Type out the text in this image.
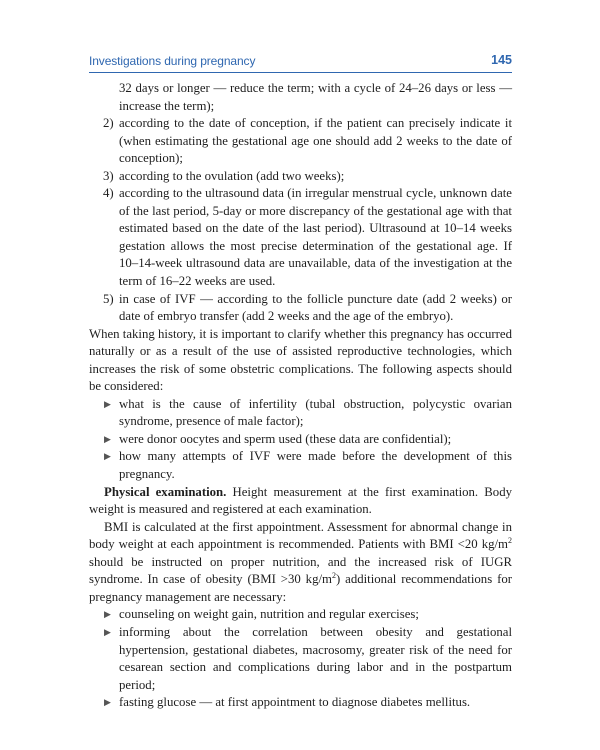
Investigations during pregnancy	145

32 days or longer — reduce the term; with a cycle of 24–26 days or less — increase the term);

2) according to the date of conception, if the patient can precisely indicate it (when estimating the gestational age one should add 2 weeks to the date of conception);

3) according to the ovulation (add two weeks);

4) according to the ultrasound data (in irregular menstrual cycle, unknown date of the last period, 5-day or more discrepancy of the gestational age with that estimated based on the date of the last period). Ultrasound at 10–14 weeks gestation allows the most precise determination of the gestational age. If 10–14-week ultrasound data are unavailable, data of the investigation at the term of 16–22 weeks are used.

5) in case of IVF — according to the follicle puncture date (add 2 weeks) or date of embryo transfer (add 2 weeks and the age of the embryo).

When taking history, it is important to clarify whether this pregnancy has occurred naturally or as a result of the use of assisted reproductive technologies, which increases the risk of some obstetric complications. The following aspects should be considered:

▶ what is the cause of infertility (tubal obstruction, polycystic ovarian syndrome, presence of male factor);

▶ were donor oocytes and sperm used (these data are confidential);

▶ how many attempts of IVF were made before the development of this pregnancy.

Physical examination. Height measurement at the first examination. Body weight is measured and registered at each examination.

BMI is calculated at the first appointment. Assessment for abnormal change in body weight at each appointment is recommended. Patients with BMI <20 $kg/m^2$ should be instructed on proper nutrition, and the increased risk of IUGR syndrome. In case of obesity (BMI >30 $kg/m^2$) additional recommendations for pregnancy management are necessary:

▶ counseling on weight gain, nutrition and regular exercises;

▶ informing about the correlation between obesity and gestational hypertension, gestational diabetes, macrosomy, greater risk of the need for cesarean section and complications during labor and in the postpartum period;

▶ fasting glucose — at first appointment to diagnose diabetes mellitus.
